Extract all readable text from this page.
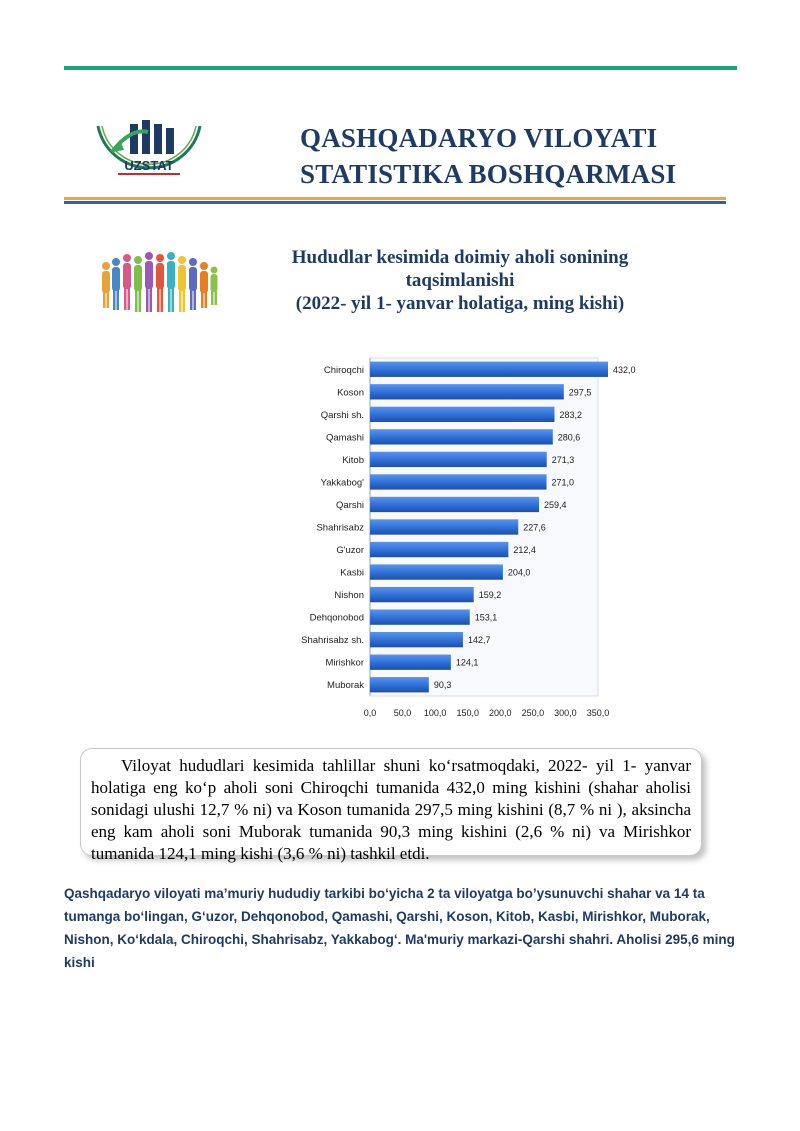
UZSTAT
QASHQADARYO VILOYATI
STATISTIKA BOSHQARMASI
Hududlar kesimida doimiy aholi sonining
taqsimlanishi
(2022- yil 1- yanvar holatiga, ming kishi)
Chiroqchi	432,0
Koson	297,5
Qarshi sh.	283,2
Qamashi	280,6
Kitob	271,3
Yakkabog'	271,0
Qarshi	259,4
Shahrisabz	227,6
G'uzor	212,4
Kasbi	204,0
Nishon	159,2
Dehqonobod	153,1
Shahrisabz sh.	142,7
Mirishkor	124,1
Muborak	90,3
0,0 50,0 100,0 150,0 200,0 250,0 300,0 350,0

Viloyat hududlari kesimida tahlillar shuni ko‘rsatmoqdaki, 2022- yil 1- yanvar holatiga eng ko‘p aholi soni Chiroqchi tumanida 432,0 ming kishini (shahar aholisi sonidagi ulushi 12,7 % ni) va Koson tumanida 297,5 ming kishini (8,7 % ni ), aksincha eng kam aholi soni Muborak tumanida 90,3 ming kishini (2,6 % ni) va Mirishkor tumanida 124,1 ming kishi (3,6 % ni) tashkil etdi.

Qashqadaryo viloyati ma’muriy hududiy tarkibi bo‘yicha 2 ta viloyatga bo’ysunuvchi shahar va 14 ta tumanga bo‘lingan, G‘uzor, Dehqonobod, Qamashi, Qarshi, Koson, Kitob, Kasbi, Mirishkor, Muborak, Nishon, Ko‘kdala, Chiroqchi, Shahrisabz, Yakkabog‘. Ma'muriy markazi-Qarshi shahri. Aholisi 295,6 ming kishi
